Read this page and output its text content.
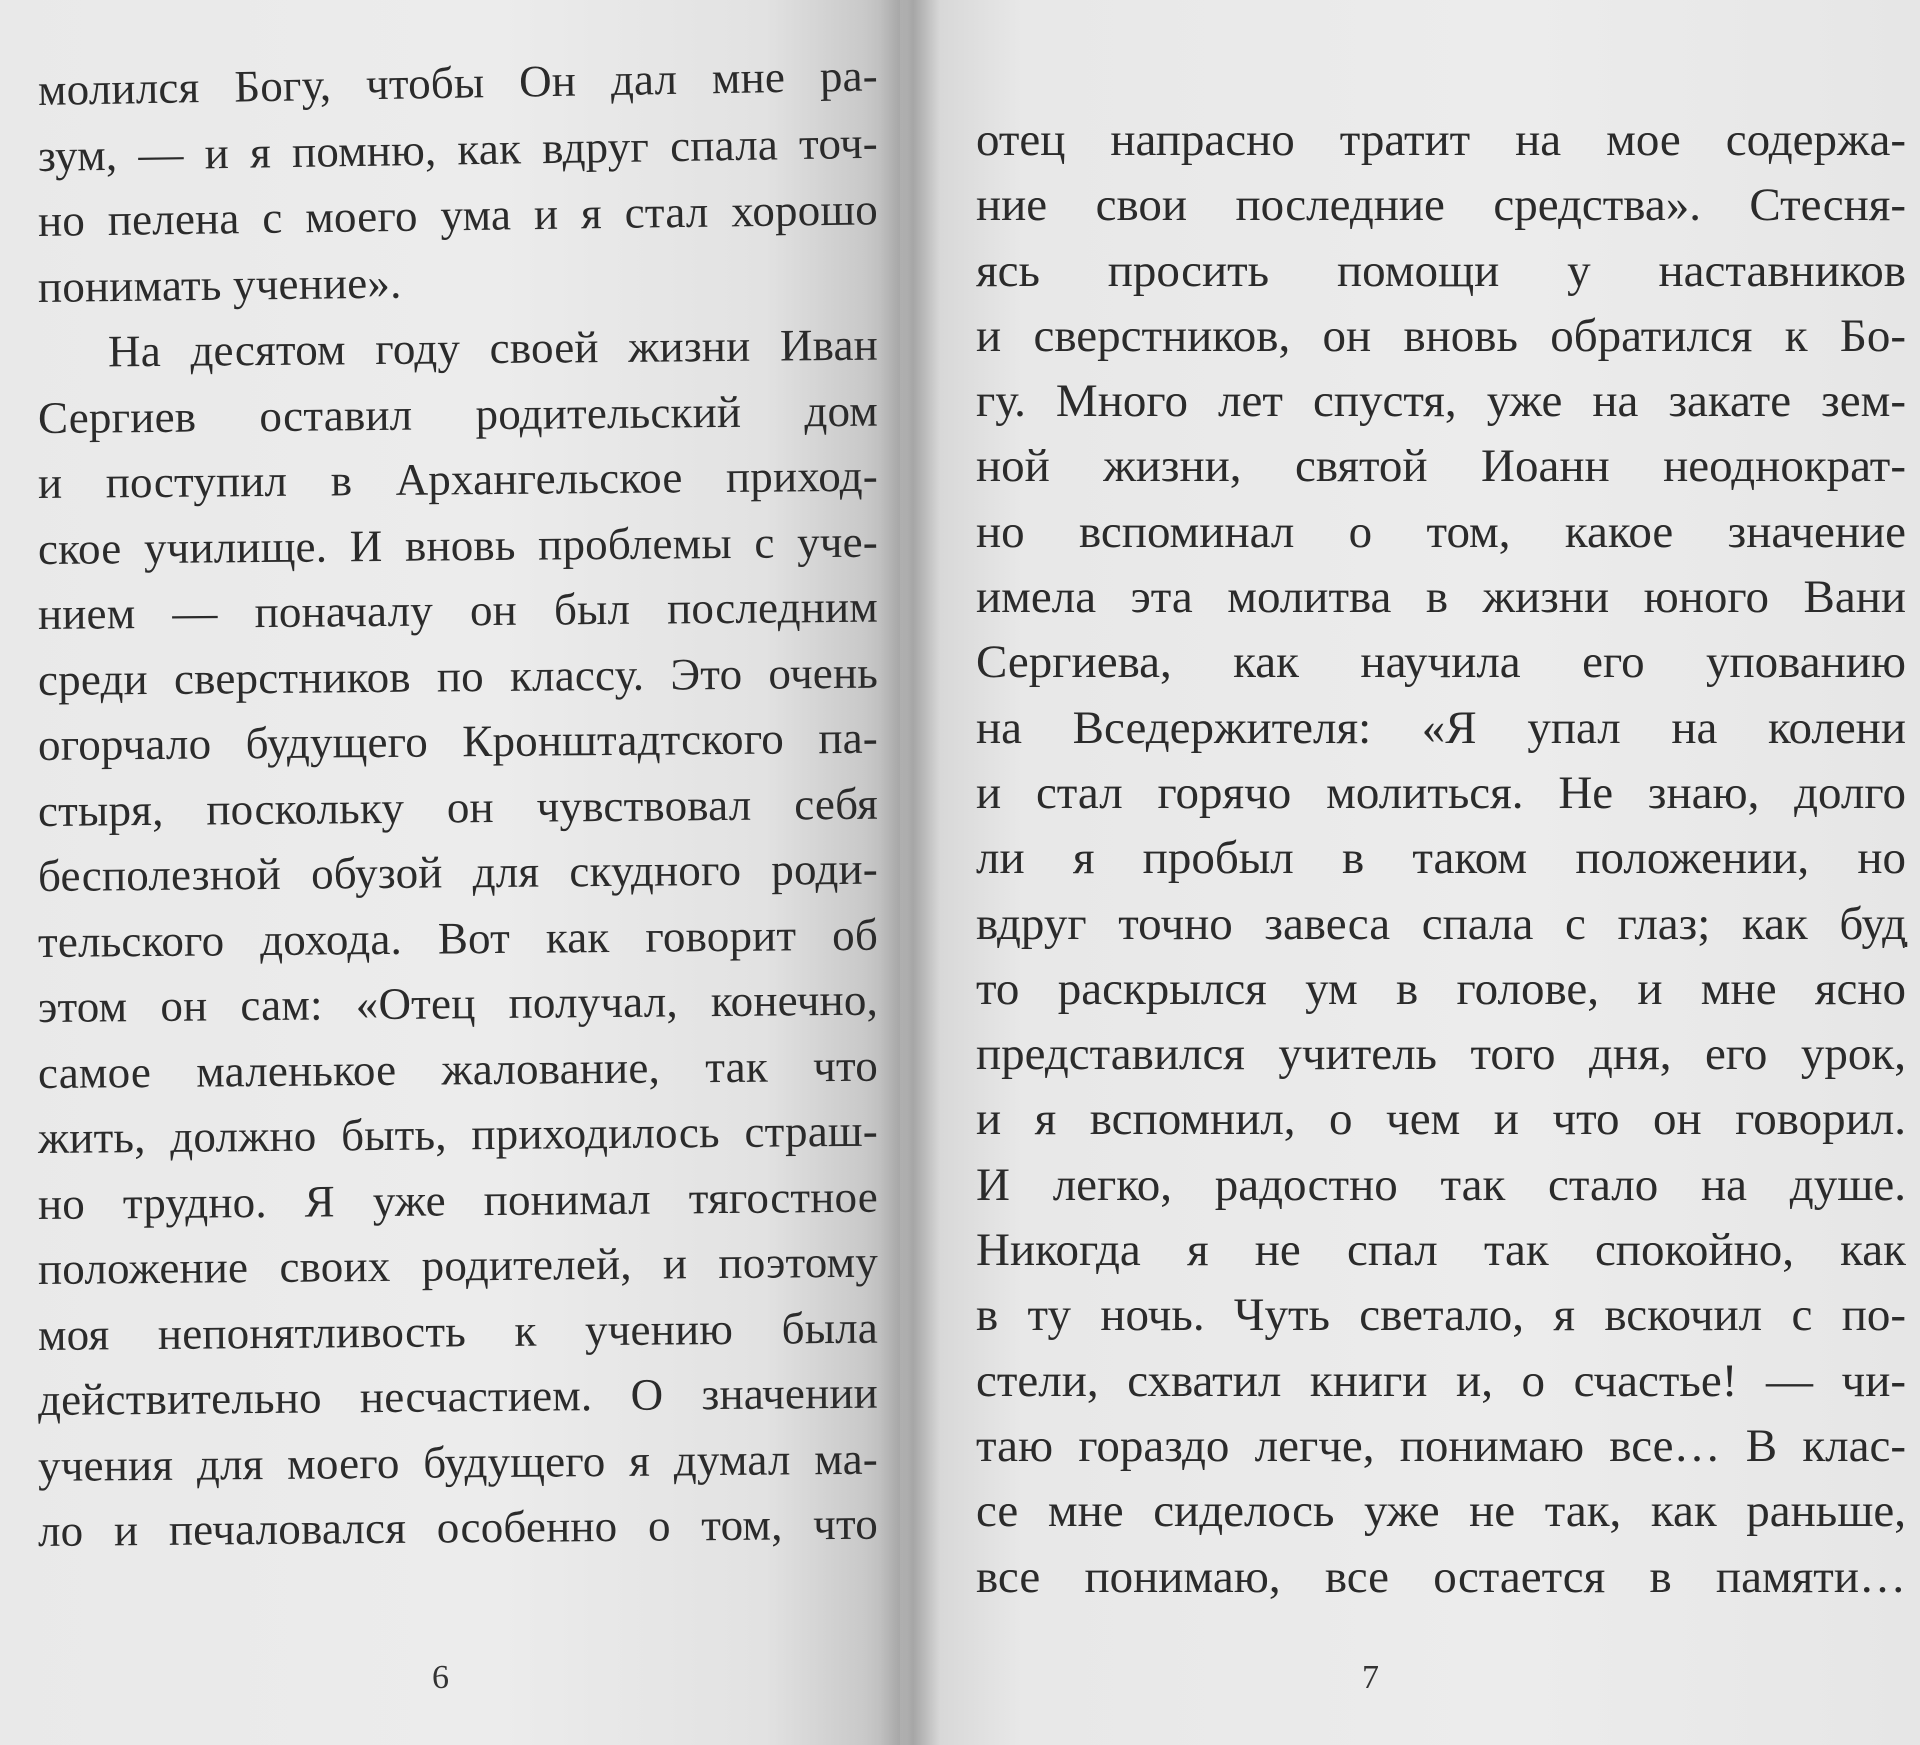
молился Богу, чтобы Он дал мне ра-
зум, — и я помню, как вдруг спала точ-
но пелена с моего ума и я стал хорошо
понимать учение».
На десятом году своей жизни Иван
Сергиев оставил родительский дом
и поступил в Архангельское приход-
ское училище. И вновь проблемы с уче-
нием — поначалу он был последним
среди сверстников по классу. Это очень
огорчало будущего Кронштадтского па-
стыря, поскольку он чувствовал себя
бесполезной обузой для скудного роди-
тельского дохода. Вот как говорит об
этом он сам: «Отец получал, конечно,
самое маленькое жалование, так что
жить, должно быть, приходилось страш-
но трудно. Я уже понимал тягостное
положение своих родителей, и поэтому
моя непонятливость к учению была
действительно несчастием. О значении
учения для моего будущего я думал ма-
ло и печаловался особенно о том, что
6
отец напрасно тратит на мое содержа-
ние свои последние средства». Стесня-
ясь просить помощи у наставников
и сверстников, он вновь обратился к Бо-
гу. Много лет спустя, уже на закате зем-
ной жизни, святой Иоанн неоднократ-
но вспоминал о том, какое значение
имела эта молитва в жизни юного Вани
Сергиева, как научила его упованию
на Вседержителя: «Я упал на колени
и стал горячо молиться. Не знаю, долго
ли я пробыл в таком положении, но
вдруг точно завеса спала с глаз; как будֽ
то раскрылся ум в голове, и мне ясно
представился учитель того дня, его урок,
и я вспомнил, о чем и что он говорил.
И легко, радостно так стало на душе.
Никогда я не спал так спокойно, как
в ту ночь. Чуть светало, я вскочил с по-
стели, схватил книги и, о счастье! — чи-
таю гораздо легче, понимаю все… В клас-
се мне сиделось уже не так, как раньше,
все понимаю, все остается в памяти…
7
